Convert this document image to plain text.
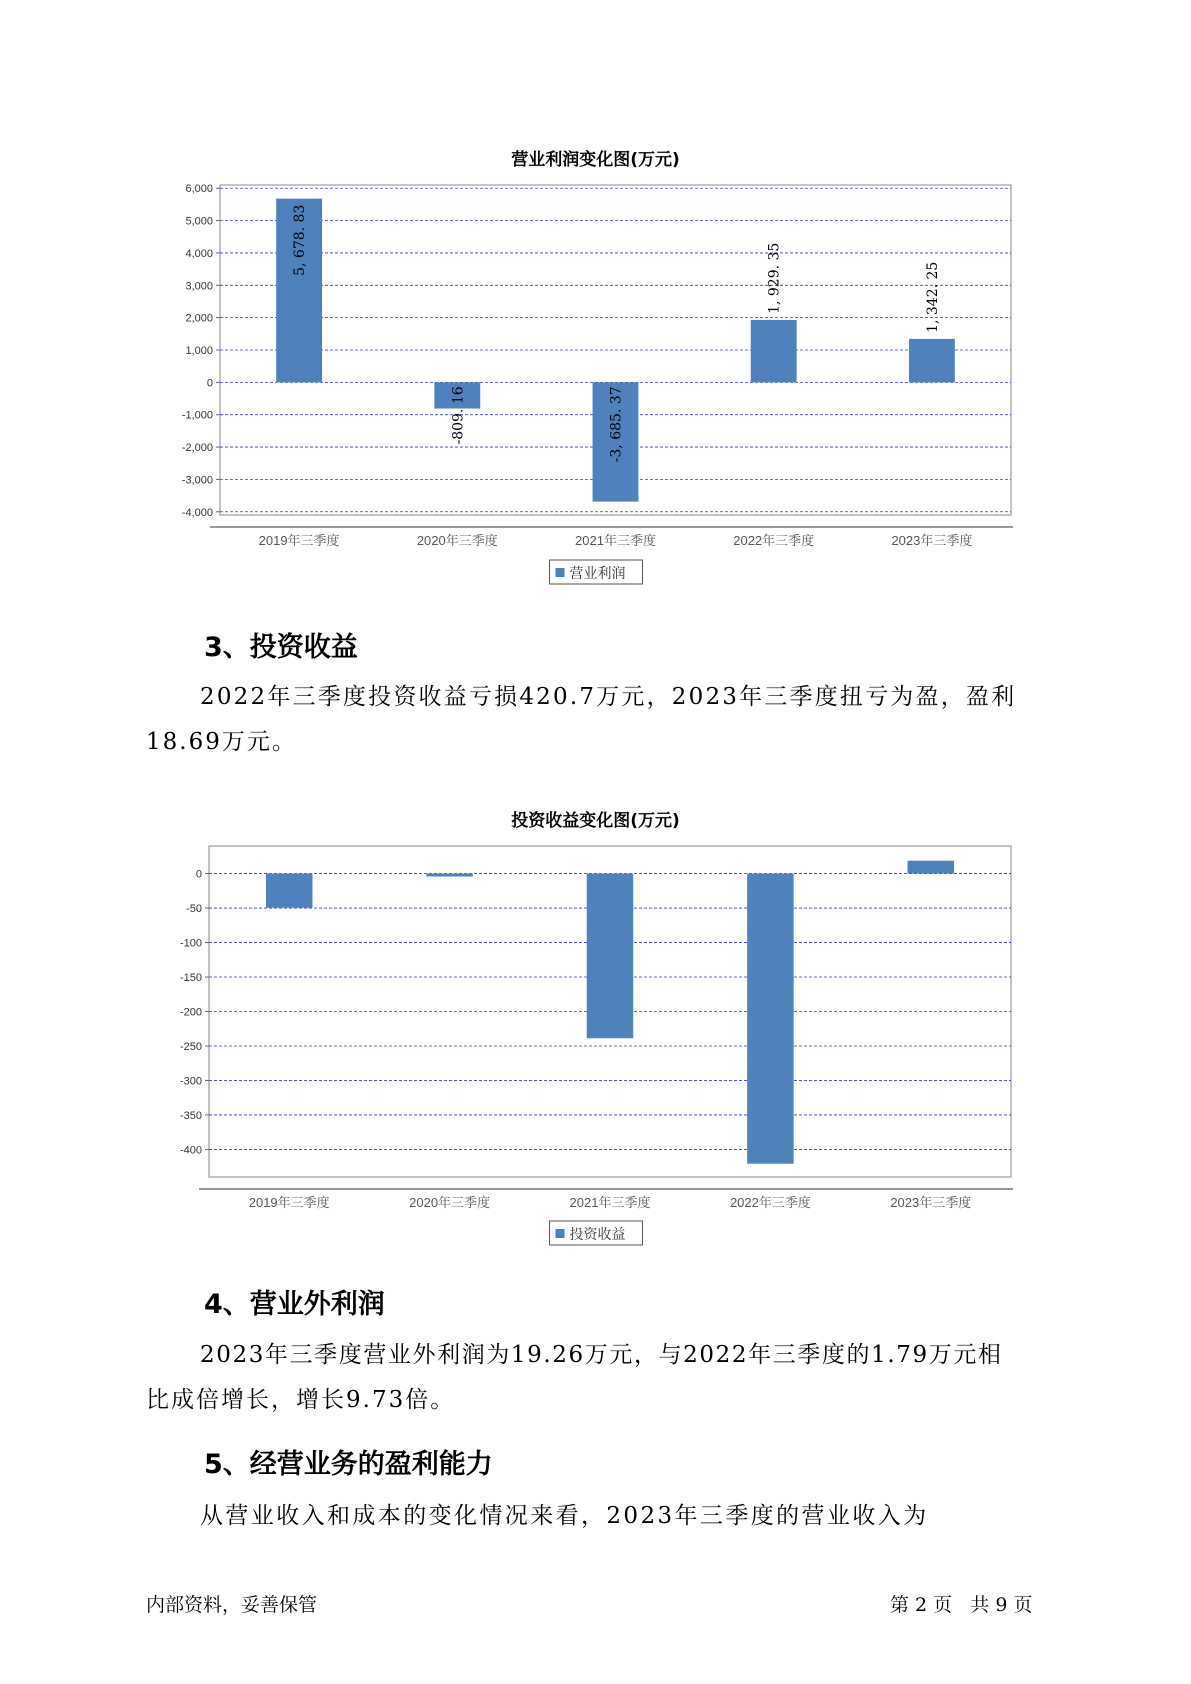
营业利润变化图(万元)
6,000
5,000
4,000
3,000
2,000
1,000
0
-1,000
-2,000
-3,000
-4,000
2019年三季度
5, 678. 83
2020年三季度
-809. 16
2021年三季度
-3, 685. 37
2022年三季度
1, 929. 35
2023年三季度
1, 342. 25
营业利润
3、投资收益

2022年三季度投资收益亏损420.7万元，2023年三季度扭亏为盈，盈利

18.69万元。

投资收益变化图(万元)
0
-50
-100
-150
-200
-250
-300
-350
-400
2019年三季度	2020年三季度	2021年三季度	2022年三季度	2023年三季度
投资收益
4、营业外利润

2023年三季度营业外利润为19.26万元，与2022年三季度的1.79万元相

比成倍增长，增长9.73倍。

5、经营业务的盈利能力

从营业收入和成本的变化情况来看，2023年三季度的营业收入为

内部资料，妥善保管	第 2 页   共 9 页
